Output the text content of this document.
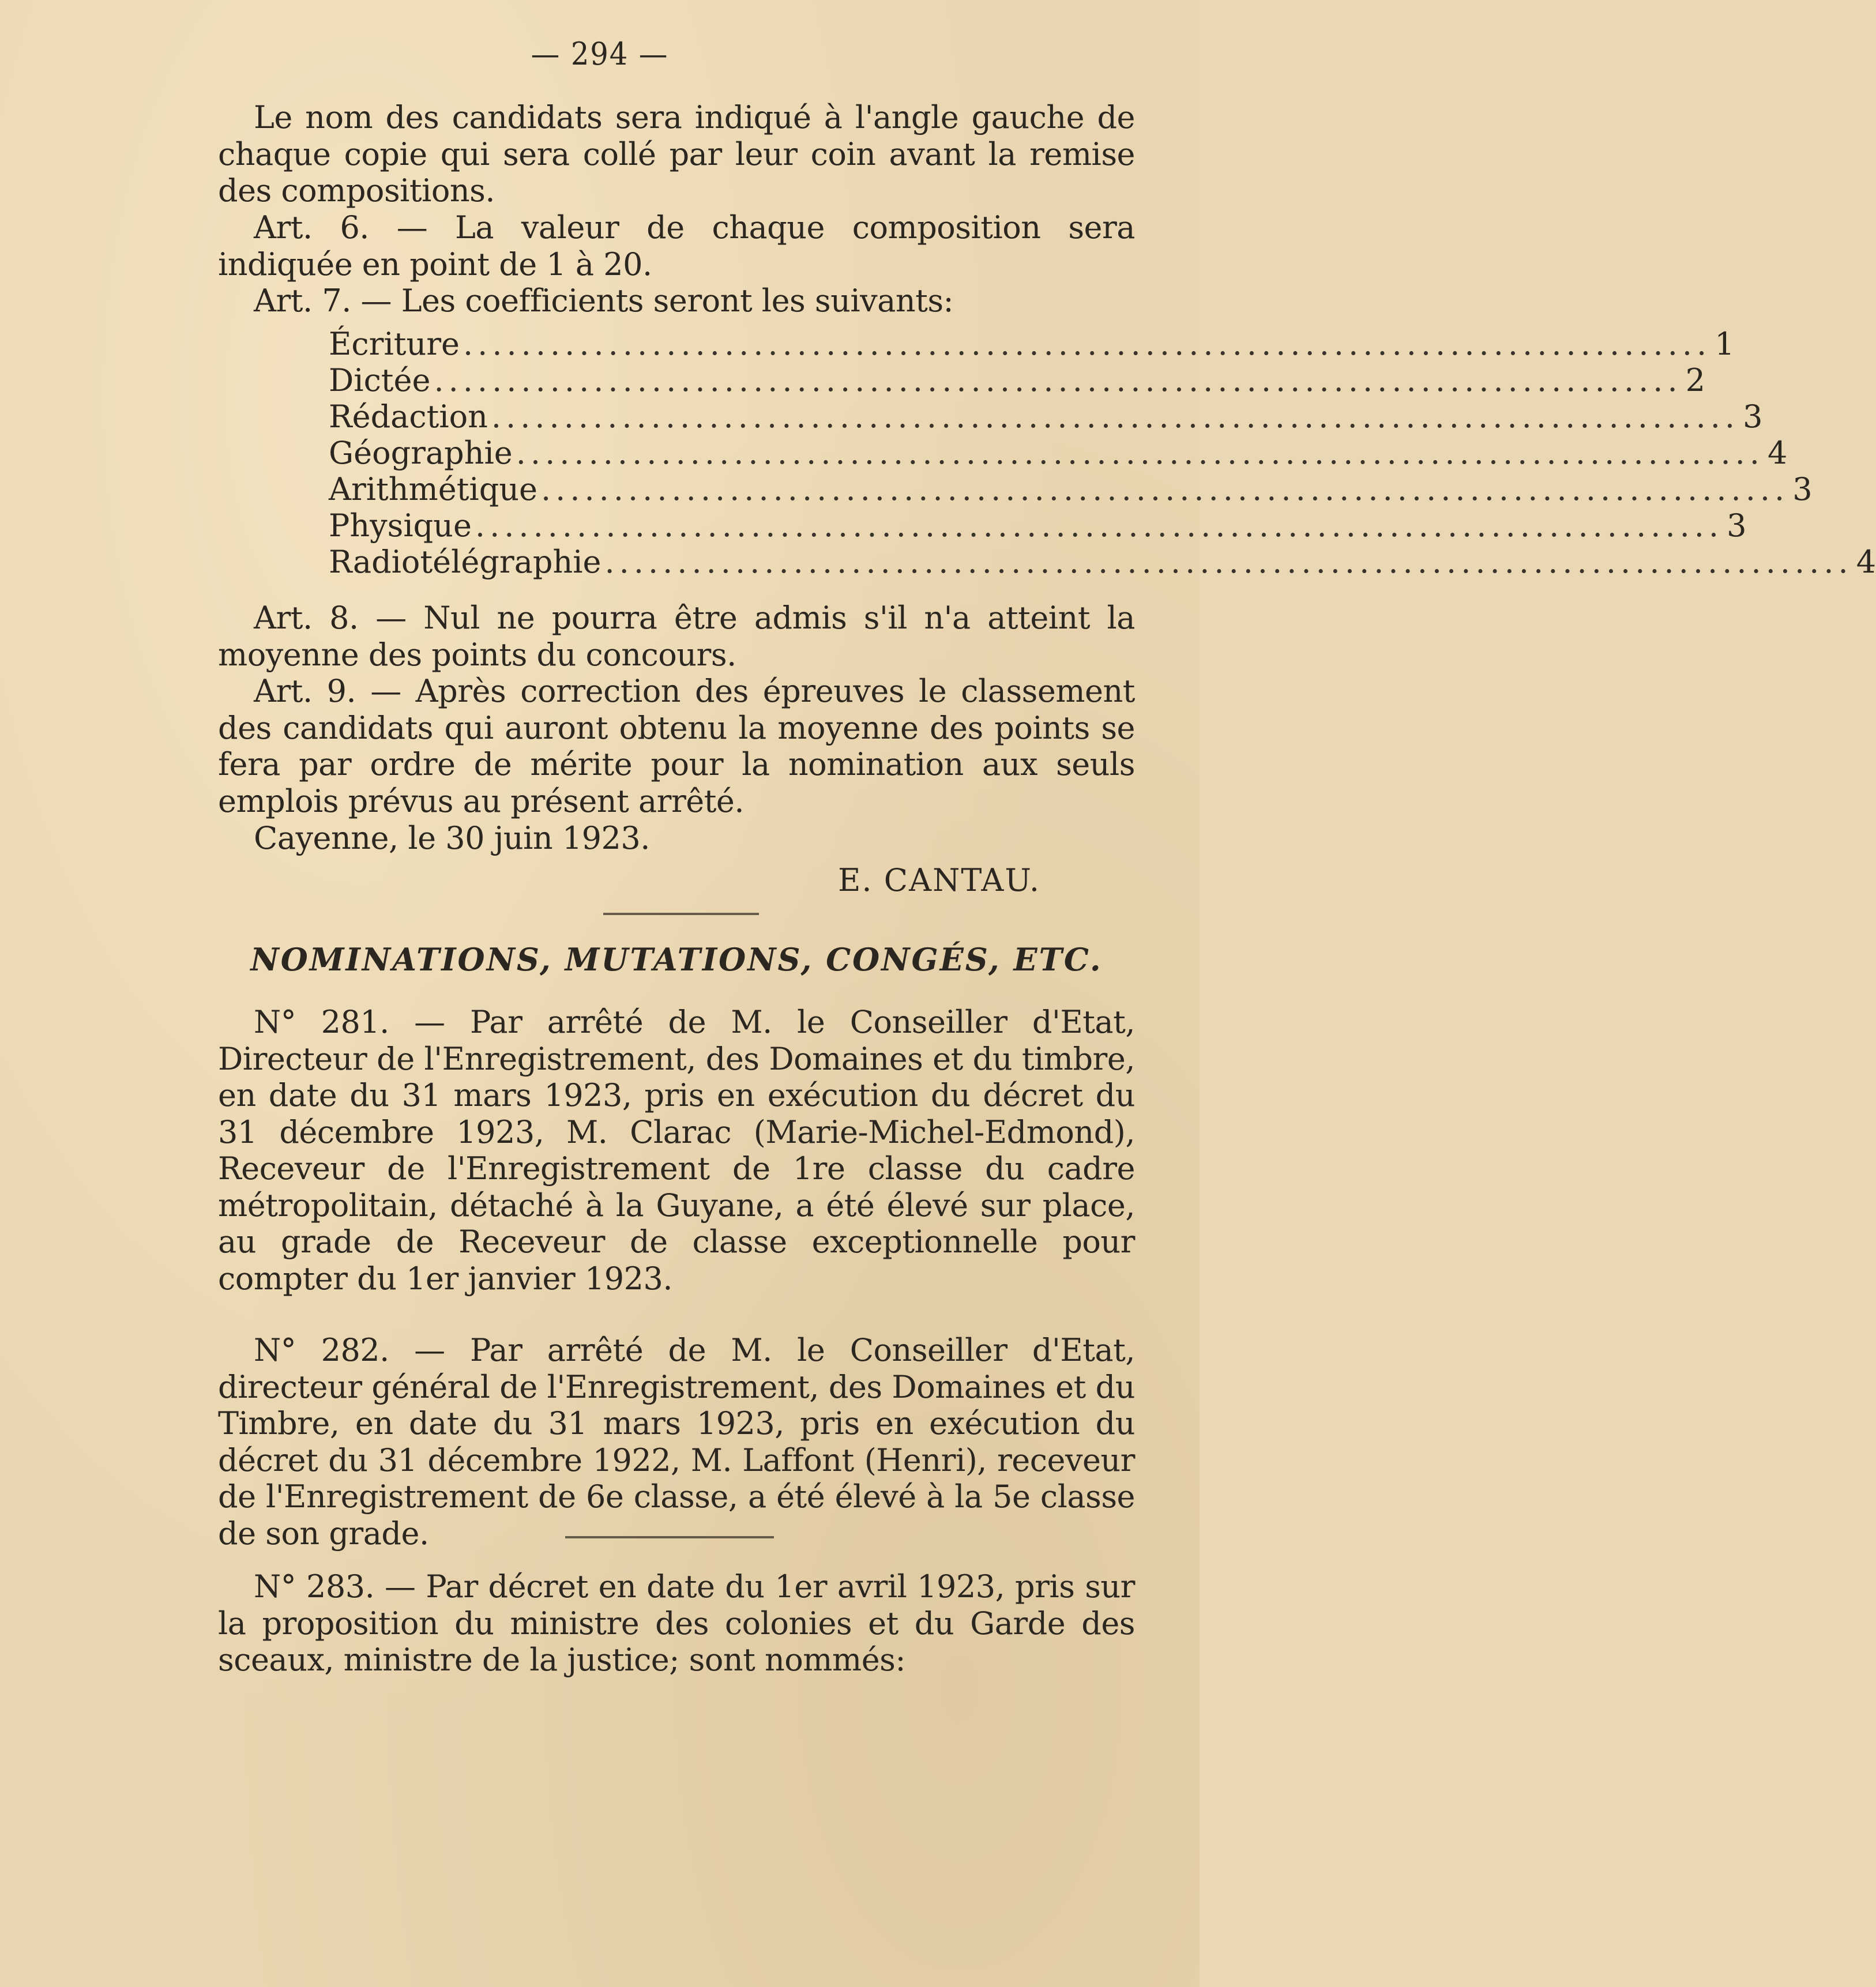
— 294 —
Le nom des candidats sera indiqué à l'angle gauche de chaque copie qui sera collé par leur coin avant la remise des compositions.
Art. 6. — La valeur de chaque composition sera indiquée en point de 1 à 20.
Art. 7. — Les coefficients seront les suivants:
Écriture ...................................................................................... 1
Dictée ...................................................................................... 2
Rédaction ...................................................................................... 3
Géographie ...................................................................................... 4
Arithmétique ...................................................................................... 3
Physique ...................................................................................... 3
Radiotélégraphie ...................................................................................... 4
Art. 8. — Nul ne pourra être admis s'il n'a atteint la moyenne des points du concours.
Art. 9. — Après correction des épreuves le classement des candidats qui auront obtenu la moyenne des points se fera par ordre de mérite pour la nomination aux seuls emplois prévus au présent arrêté.
Cayenne, le 30 juin 1923.
E. CANTAU.
NOMINATIONS, MUTATIONS, CONGÉS, ETC.
N° 281. — Par arrêté de M. le Conseiller d'Etat, Directeur de l'Enregistrement, des Domaines et du timbre, en date du 31 mars 1923, pris en exécution du décret du 31 décembre 1923, M. Clarac (Marie-Michel-Edmond), Receveur de l'Enregistrement de 1re classe du cadre métropolitain, détaché à la Guyane, a été élevé sur place, au grade de Receveur de classe exceptionnelle pour compter du 1er janvier 1923.
N° 282. — Par arrêté de M. le Conseiller d'Etat, directeur général de l'Enregistrement, des Domaines et du Timbre, en date du 31 mars 1923, pris en exécution du décret du 31 décembre 1922, M. Laffont (Henri), receveur de l'Enregistrement de 6e classe, a été élevé à la 5e classe de son grade.
N° 283. — Par décret en date du 1er avril 1923, pris sur la proposition du ministre des colonies et du Garde des sceaux, ministre de la justice; sont nommés:
